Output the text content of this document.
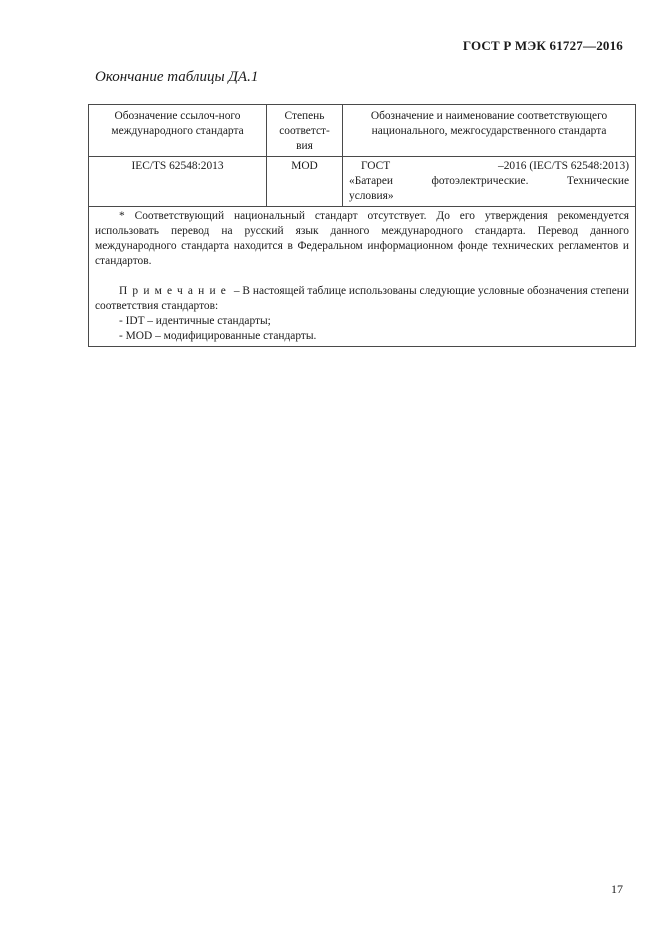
ГОСТ Р МЭК 61727—2016
Окончание таблицы ДА.1
Обозначение ссылоч-ного международного стандарта	Степень соответст-вия	Обозначение и наименование соответствующего национального, межгосударственного стандарта
IEC/TS 62548:2013	MOD	ГОСТ –2016 (IEC/TS 62548:2013)
«Батареи фотоэлектрические. Технические
условия»

* Соответствующий национальный стандарт отсутствует. До его утверждения рекомендуется использовать перевод на русский язык данного международного стандарта. Перевод данного международного стандарта находится в Федеральном информационном фонде технических регламентов и стандартов.

Примечание – В настоящей таблице использованы следующие условные обозначения степени соответствия стандартов:

- IDT – идентичные стандарты;

- MOD – модифицированные стандарты.		

17
